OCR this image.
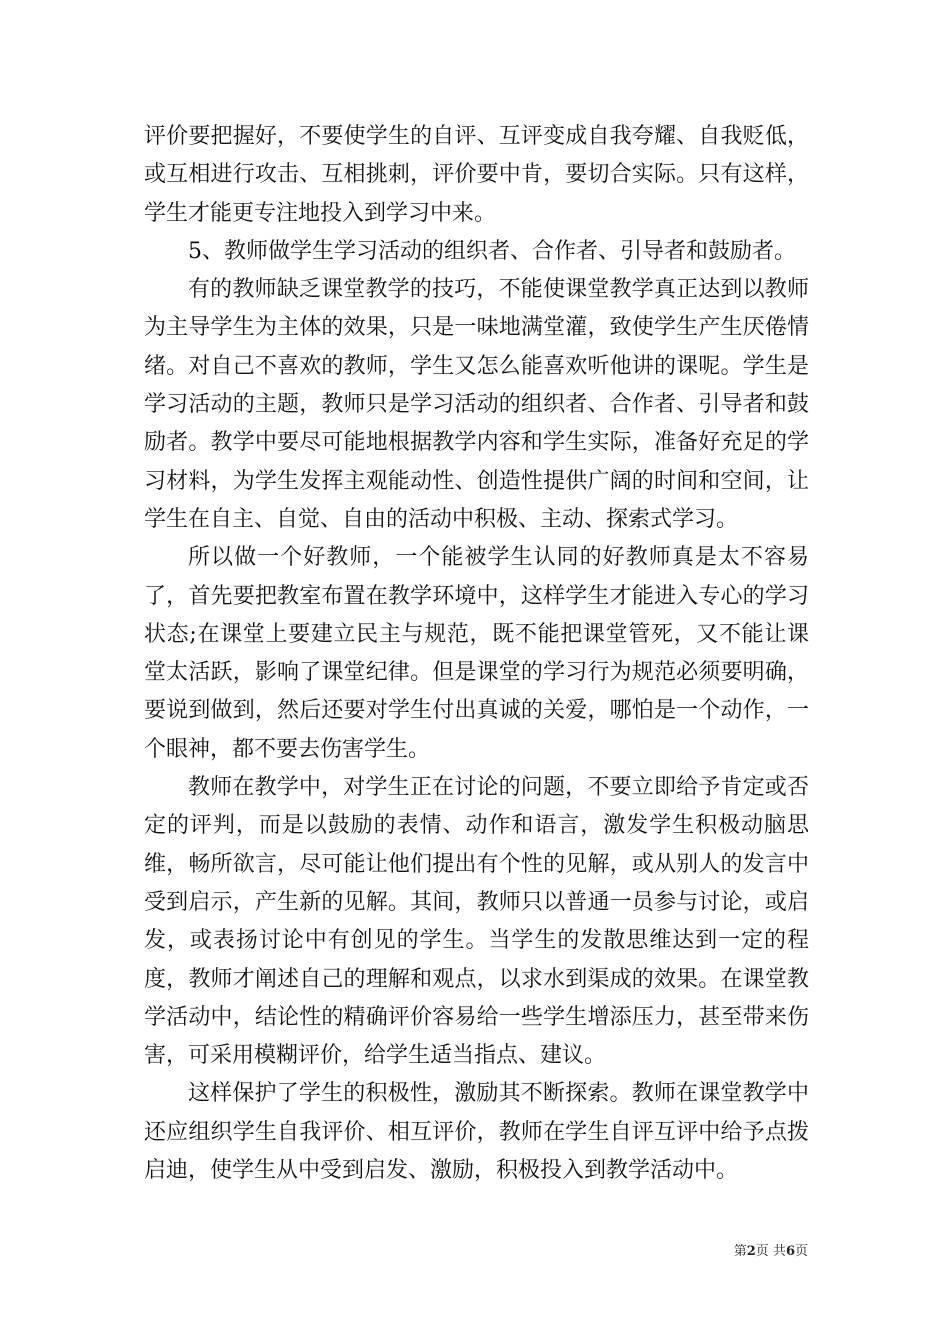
评价要把握好，不要使学生的自评、互评变成自我夸耀、自我贬低，或互相进行攻击、互相挑刺，评价要中肯，要切合实际。只有这样，学生才能更专注地投入到学习中来。

5、教师做学生学习活动的组织者、合作者、引导者和鼓励者。

有的教师缺乏课堂教学的技巧，不能使课堂教学真正达到以教师为主导学生为主体的效果，只是一味地满堂灌，致使学生产生厌倦情绪。对自己不喜欢的教师，学生又怎么能喜欢听他讲的课呢。学生是学习活动的主题，教师只是学习活动的组织者、合作者、引导者和鼓励者。教学中要尽可能地根据教学内容和学生实际，准备好充足的学习材料，为学生发挥主观能动性、创造性提供广阔的时间和空间，让学生在自主、自觉、自由的活动中积极、主动、探索式学习。

所以做一个好教师，一个能被学生认同的好教师真是太不容易了，首先要把教室布置在教学环境中，这样学生才能进入专心的学习状态;在课堂上要建立民主与规范，既不能把课堂管死，又不能让课堂太活跃，影响了课堂纪律。但是课堂的学习行为规范必须要明确，要说到做到，然后还要对学生付出真诚的关爱，哪怕是一个动作，一个眼神，都不要去伤害学生。

教师在教学中，对学生正在讨论的问题，不要立即给予肯定或否定的评判，而是以鼓励的表情、动作和语言，激发学生积极动脑思维，畅所欲言，尽可能让他们提出有个性的见解，或从别人的发言中受到启示，产生新的见解。其间，教师只以普通一员参与讨论，或启发，或表扬讨论中有创见的学生。当学生的发散思维达到一定的程度，教师才阐述自己的理解和观点，以求水到渠成的效果。在课堂教学活动中，结论性的精确评价容易给一些学生增添压力，甚至带来伤害，可采用模糊评价，给学生适当指点、建议。

这样保护了学生的积极性，激励其不断探索。教师在课堂教学中还应组织学生自我评价、相互评价，教师在学生自评互评中给予点拨启迪，使学生从中受到启发、激励，积极投入到教学活动中。

第2页 共6页
